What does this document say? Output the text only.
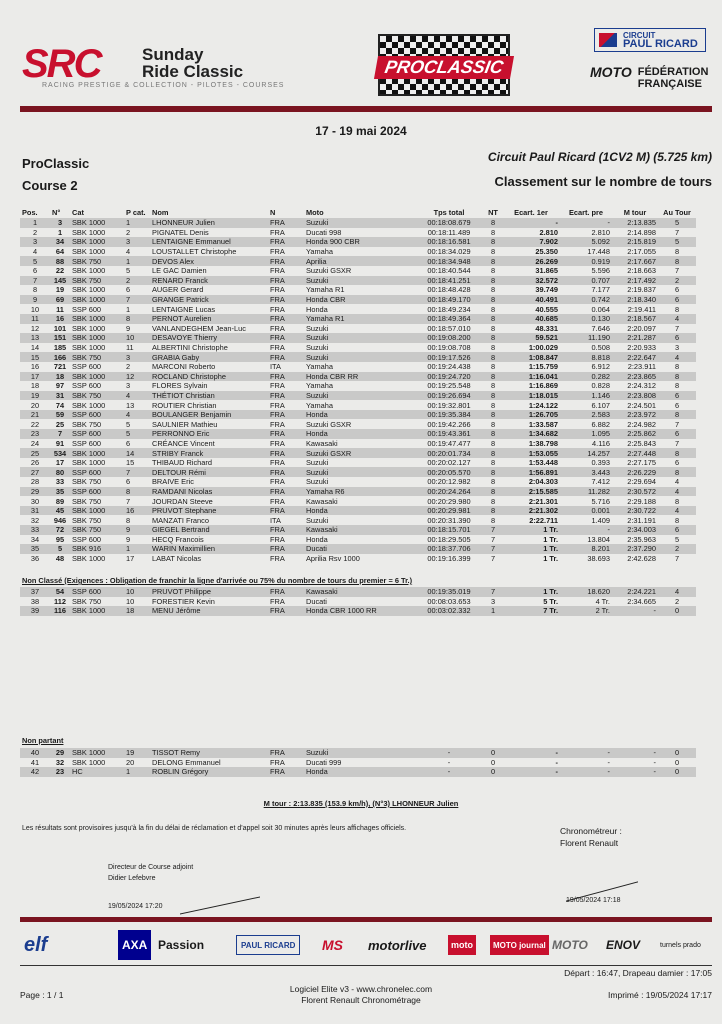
SRC	Sunday
Ride Classic
RACING PRESTIGE & COLLECTION - PILOTES - COURSES
PROCLASSIC
CIRCUIT
PAUL RICARD
MOTO FÉDÉRATION
FRANÇAISE
17 - 19 mai 2024
ProClassic
Course 2
Circuit Paul Ricard (1CV2 M) (5.725 km)
Classement sur le nombre de tours
Pos.	N°	Cat	P cat.	Nom	N	Moto	Tps total	NT	Ecart. 1er	Ecart. pre	M tour	Au Tour
1	3	SBK 1000	1	LHONNEUR Julien	FRA	Suzuki	00:18:08.679	8	-	-	2:13.835	5
2	1	SBK 1000	2	PIGNATEL Denis	FRA	Ducati 998	00:18:11.489	8	2.810	2.810	2:14.898	7
3	34	SBK 1000	3	LENTAIGNE Emmanuel	FRA	Honda 900 CBR	00:18:16.581	8	7.902	5.092	2:15.819	5
4	64	SBK 1000	4	LOUSTALLET Christophe	FRA	Yamaha	00:18:34.029	8	25.350	17.448	2:17.055	8
5	88	SBK 750	1	DEVOS Alex	FRA	Aprilia	00:18:34.948	8	26.269	0.919	2:17.667	8
6	22	SBK 1000	5	LE GAC Damien	FRA	Suzuki GSXR	00:18:40.544	8	31.865	5.596	2:18.663	7
7	145	SBK 750	2	RENARD Franck	FRA	Suzuki	00:18:41.251	8	32.572	0.707	2:17.492	2
8	19	SBK 1000	6	AUGER Gerard	FRA	Yamaha R1	00:18:48.428	8	39.749	7.177	2:19.837	6
9	69	SBK 1000	7	GRANGE Patrick	FRA	Honda CBR	00:18:49.170	8	40.491	0.742	2:18.340	6
10	11	SSP 600	1	LENTAIGNE Lucas	FRA	Honda	00:18:49.234	8	40.555	0.064	2:19.411	8
11	16	SBK 1000	8	PERNOT Aurelien	FRA	Yamaha R1	00:18:49.364	8	40.685	0.130	2:18.567	4
12	101	SBK 1000	9	VANLANDEGHEM Jean-Luc	FRA	Suzuki	00:18:57.010	8	48.331	7.646	2:20.097	7
13	151	SBK 1000	10	DESAVOYE Thierry	FRA	Suzuki	00:19:08.200	8	59.521	11.190	2:21.287	6
14	185	SBK 1000	11	ALBERTINI Christophe	FRA	Suzuki	00:19:08.708	8	1:00.029	0.508	2:20.933	3
15	166	SBK 750	3	GRABIA Gaby	FRA	Suzuki	00:19:17.526	8	1:08.847	8.818	2:22.647	4
16	721	SSP 600	2	MARCONI Roberto	ITA	Yamaha	00:19:24.438	8	1:15.759	6.912	2:23.911	8
17	18	SBK 1000	12	ROCLAND Christophe	FRA	Honda CBR RR	00:19:24.720	8	1:16.041	0.282	2:23.865	8
18	97	SSP 600	3	FLORES Sylvain	FRA	Yamaha	00:19:25.548	8	1:16.869	0.828	2:24.312	8
19	31	SBK 750	4	THÉTIOT Christian	FRA	Suzuki	00:19:26.694	8	1:18.015	1.146	2:23.808	6
20	74	SBK 1000	13	ROUTIER Christian	FRA	Yamaha	00:19:32.801	8	1:24.122	6.107	2:24.501	6
21	59	SSP 600	4	BOULANGER Benjamin	FRA	Honda	00:19:35.384	8	1:26.705	2.583	2:23.972	8
22	25	SBK 750	5	SAULNIER Mathieu	FRA	Suzuki GSXR	00:19:42.266	8	1:33.587	6.882	2:24.982	7
23	7	SSP 600	5	PERRONNO Eric	FRA	Honda	00:19:43.361	8	1:34.682	1.095	2:25.862	6
24	91	SSP 600	6	CRÉANCE Vincent	FRA	Kawasaki	00:19:47.477	8	1:38.798	4.116	2:25.843	7
25	534	SBK 1000	14	STRIBY Franck	FRA	Suzuki GSXR	00:20:01.734	8	1:53.055	14.257	2:27.448	8
26	17	SBK 1000	15	THIBAUD Richard	FRA	Suzuki	00:20:02.127	8	1:53.448	0.393	2:27.175	6
27	80	SSP 600	7	DELTOUR Rémi	FRA	Suzuki	00:20:05.570	8	1:56.891	3.443	2:26.229	8
28	33	SBK 750	6	BRAIVE Eric	FRA	Suzuki	00:20:12.982	8	2:04.303	7.412	2:29.694	4
29	35	SSP 600	8	RAMDANI Nicolas	FRA	Yamaha R6	00:20:24.264	8	2:15.585	11.282	2:30.572	4
30	89	SBK 750	7	JOURDAN Steeve	FRA	Kawasaki	00:20:29.980	8	2:21.301	5.716	2:29.188	8
31	45	SBK 1000	16	PRUVOT Stephane	FRA	Honda	00:20:29.981	8	2:21.302	0.001	2:30.722	4
32	946	SBK 750	8	MANZATI Franco	ITA	Suzuki	00:20:31.390	8	2:22.711	1.409	2:31.191	8
33	72	SBK 750	9	GIEGEL Bertrand	FRA	Kawasaki	00:18:15.701	7	1 Tr.	-	2:34.003	6
34	95	SSP 600	9	HECQ Francois	FRA	Honda	00:18:29.505	7	1 Tr.	13.804	2:35.963	5
35	5	SBK 916	1	WARIN Maximillien	FRA	Ducati	00:18:37.706	7	1 Tr.	8.201	2:37.290	2
36	48	SBK 1000	17	LABAT Nicolas	FRA	Aprilia Rsv 1000	00:19:16.399	7	1 Tr.	38.693	2:42.628	7
Non Classé (Exigences : Obligation de franchir la ligne d'arrivée ou 75% du nombre de tours du premier = 6 Tr.)
37	54	SSP 600	10	PRUVOT Philippe	FRA	Kawasaki	00:19:35.019	7	1 Tr.	18.620	2:24.221	4
38	112	SBK 750	10	FORESTIER Kevin	FRA	Ducati	00:08:03.653	3	5 Tr.	4 Tr.	2:34.665	2
39	116	SBK 1000	18	MENU Jérôme	FRA	Honda CBR 1000 RR	00:03:02.332	1	7 Tr.	2 Tr.	-	0
Non partant
40	29	SBK 1000	19	TISSOT Remy	FRA	Suzuki	-	0	-	-	-	0
41	32	SBK 1000	20	DELONG Emmanuel	FRA	Ducati 999	-	0	-	-	-	0
42	23	HC	1	ROBLIN Grégory	FRA	Honda	-	0	-	-	-	0
M tour : 2:13.835 (153.9 km/h), (N°3) LHONNEUR Julien
Les résultats sont provisoires jusqu'à la fin du délai de réclamation et d'appel soit 30 minutes après leurs affichages officiels.	Chronométreur :
Florent Renault
Directeur de Course adjoint
Didier Lefebvre
19/05/2024 17:20
19/05/2024 17:18
elf	AXA Passion	PAUL RICARD	MS motorlive	moto	MOTO journal MOTO ENOV	turnels prado
Départ : 16:47, Drapeau damier : 17:05
Page : 1 / 1
Logiciel Elite v3 - www.chronelec.com
Florent Renault Chronométrage	Imprimé : 19/05/2024 17:17
